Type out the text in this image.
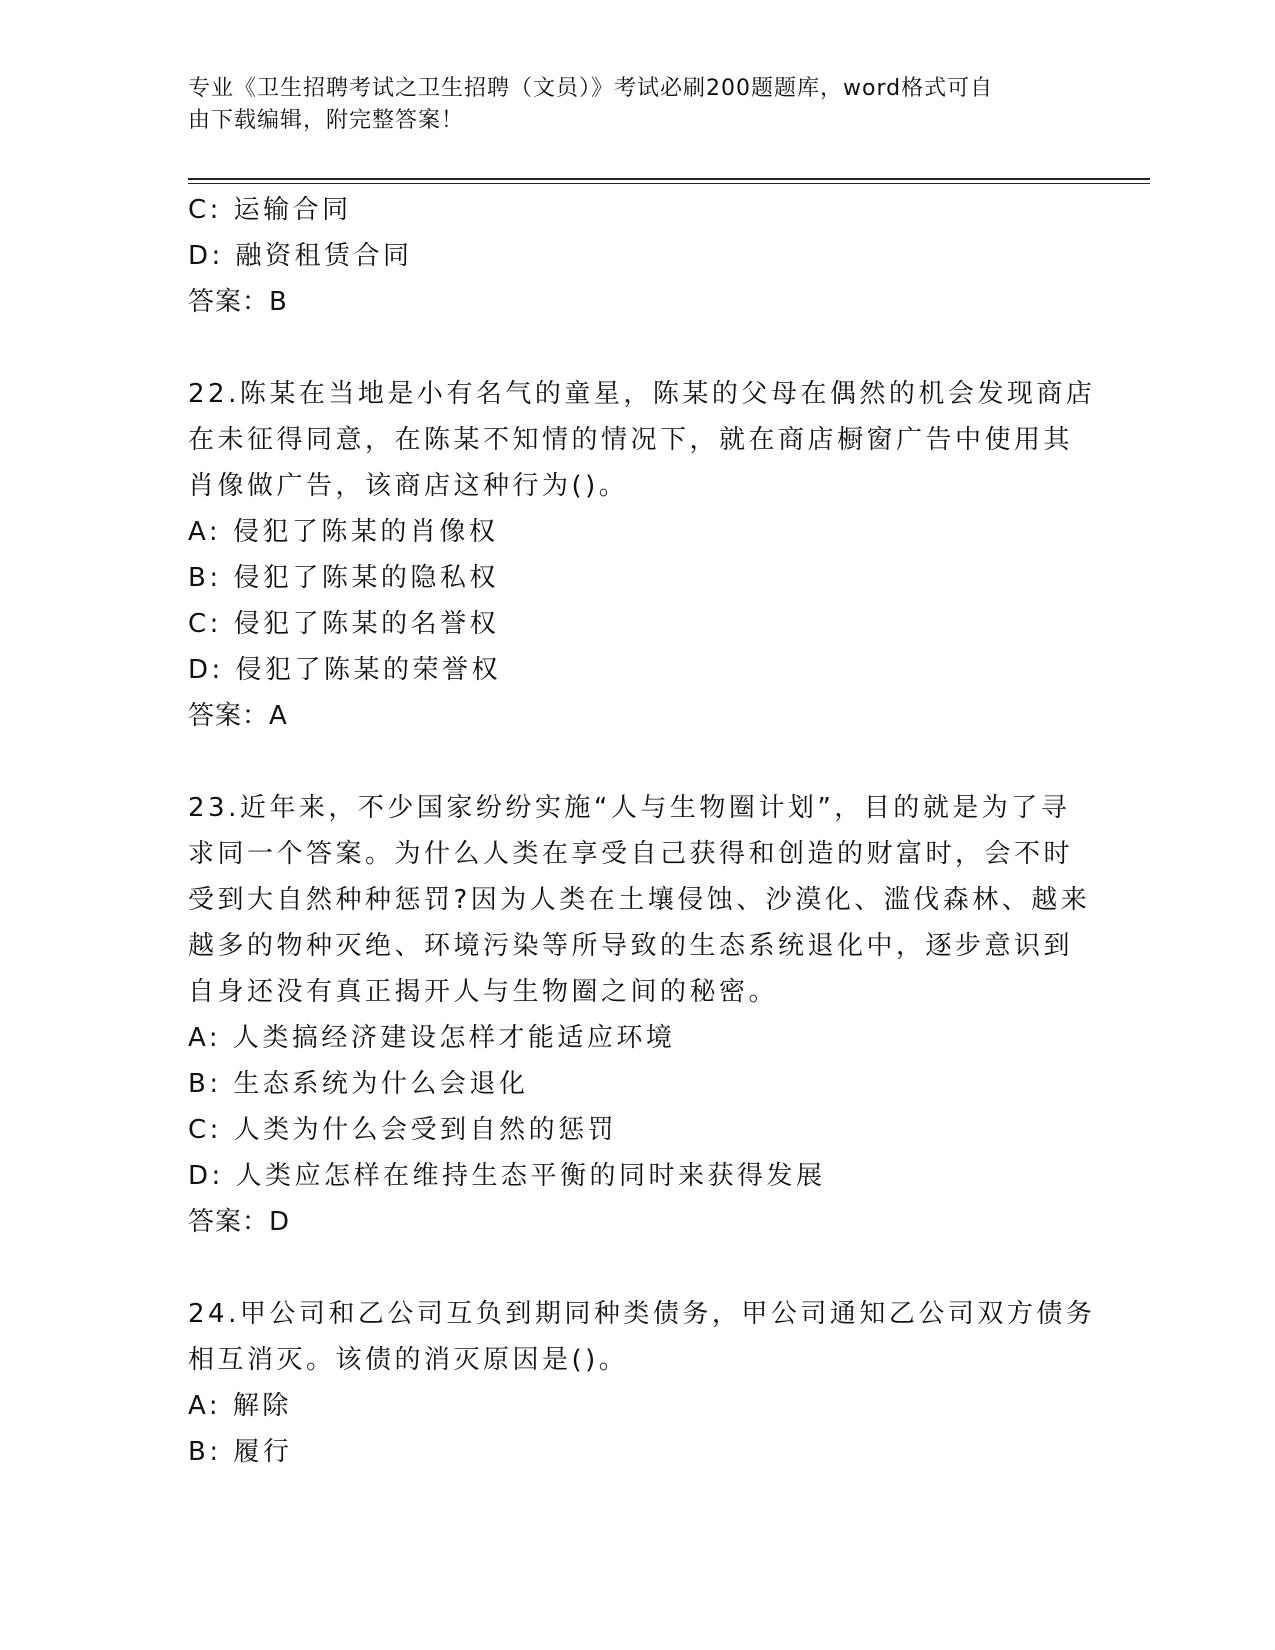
专业《卫生招聘考试之卫生招聘（文员）》考试必刷200题题库，word格式可自
由下载编辑，附完整答案！
C: 运输合同
D: 融资租赁合同
答案：B
22.陈某在当地是小有名气的童星，陈某的父母在偶然的机会发现商店
在未征得同意，在陈某不知情的情况下，就在商店橱窗广告中使用其
肖像做广告，该商店这种行为()。
A: 侵犯了陈某的肖像权
B: 侵犯了陈某的隐私权
C: 侵犯了陈某的名誉权
D: 侵犯了陈某的荣誉权
答案：A
23.近年来，不少国家纷纷实施“人与生物圈计划”，目的就是为了寻
求同一个答案。为什么人类在享受自己获得和创造的财富时，会不时
受到大自然种种惩罚?因为人类在土壤侵蚀、沙漠化、滥伐森林、越来
越多的物种灭绝、环境污染等所导致的生态系统退化中，逐步意识到
自身还没有真正揭开人与生物圈之间的秘密。
A: 人类搞经济建设怎样才能适应环境
B: 生态系统为什么会退化
C: 人类为什么会受到自然的惩罚
D: 人类应怎样在维持生态平衡的同时来获得发展
答案：D
24.甲公司和乙公司互负到期同种类债务，甲公司通知乙公司双方债务
相互消灭。该债的消灭原因是()。
A: 解除
B: 履行
